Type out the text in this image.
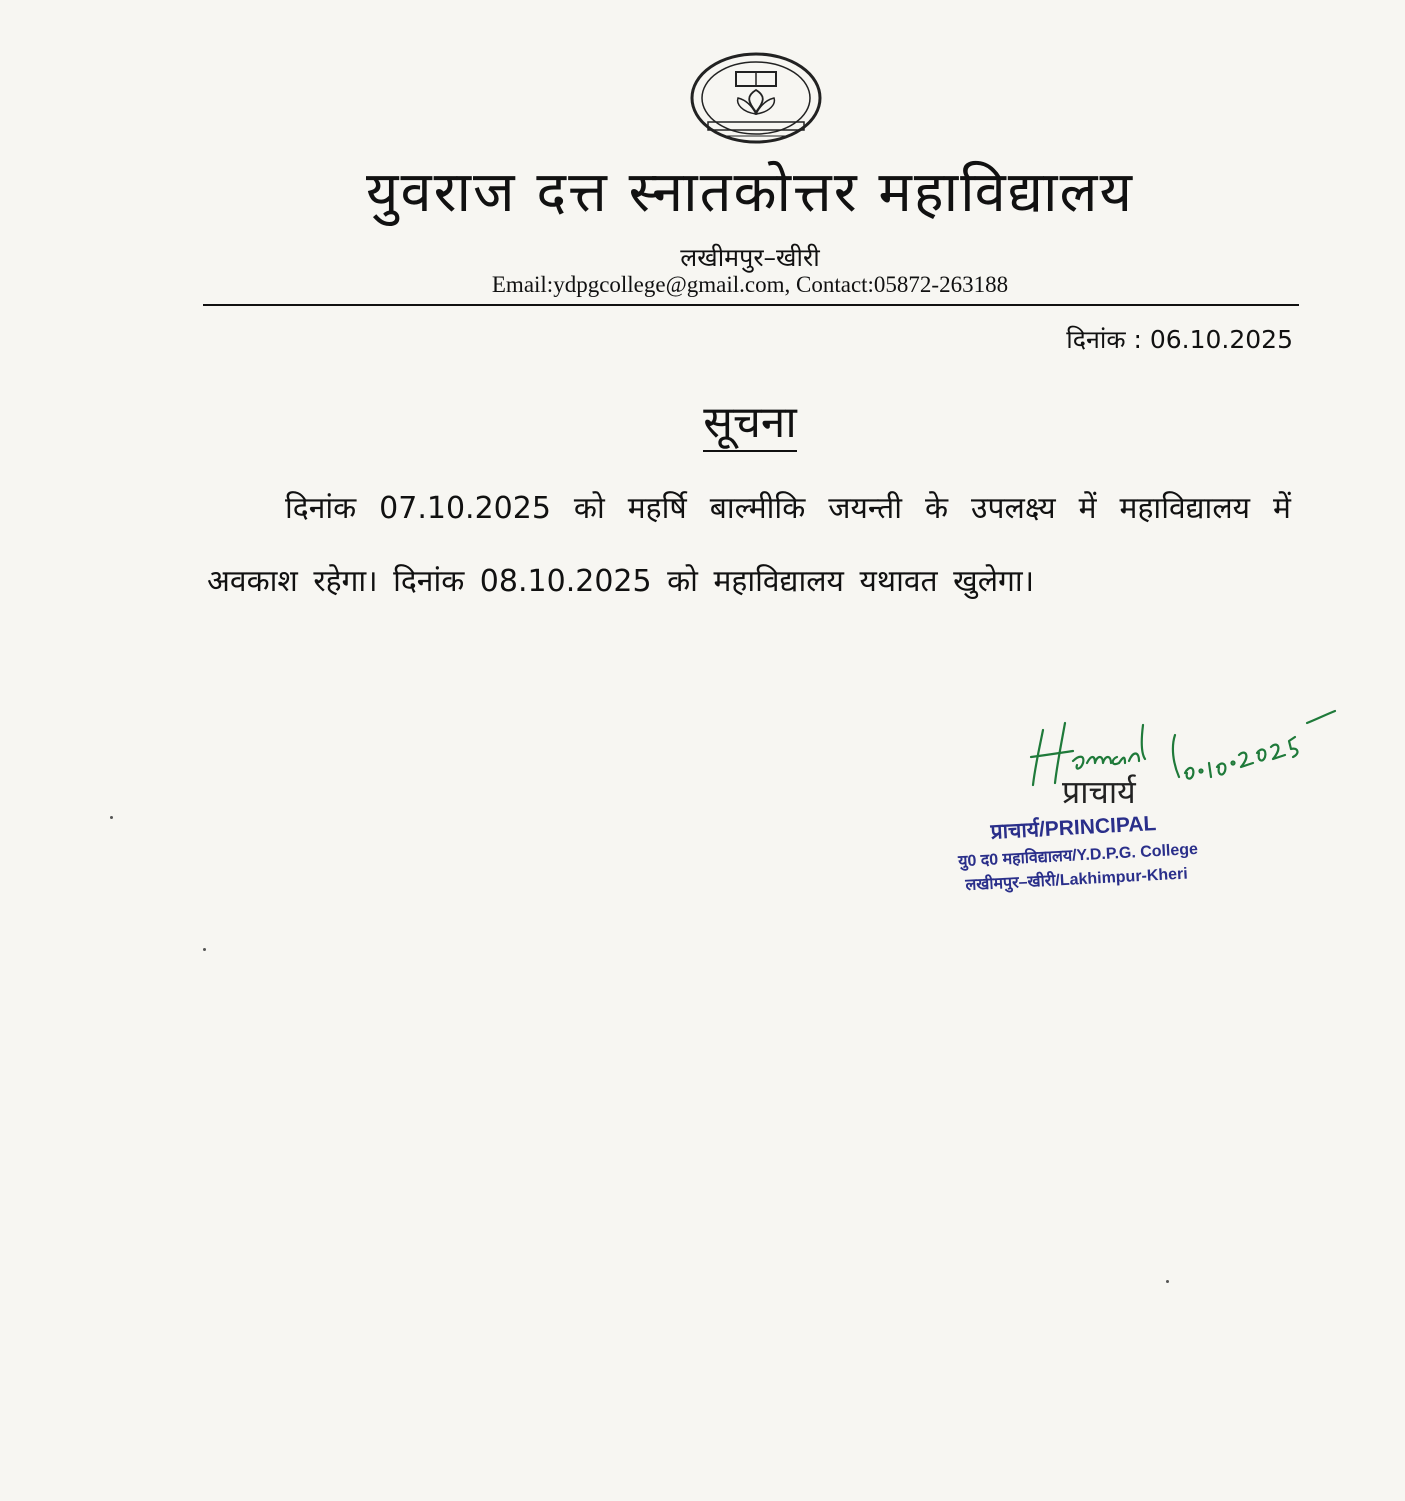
युवराज दत्त स्नातकोत्तर महाविद्यालय
लखीमपुर–खीरी
Email:ydpgcollege@gmail.com, Contact:05872-263188
दिनांक : 06.10.2025
सूचना
दिनांक 07.10.2025 को महर्षि बाल्मीकि जयन्ती के उपलक्ष्य में महाविद्यालय में अवकाश रहेगा। दिनांक 08.10.2025 को महाविद्यालय यथावत खुलेगा।
प्राचार्य
प्राचार्य/PRINCIPAL
यु0 द0 महाविद्यालय/Y.D.P.G. College
लखीमपुर–खीरी/Lakhimpur-Kheri
